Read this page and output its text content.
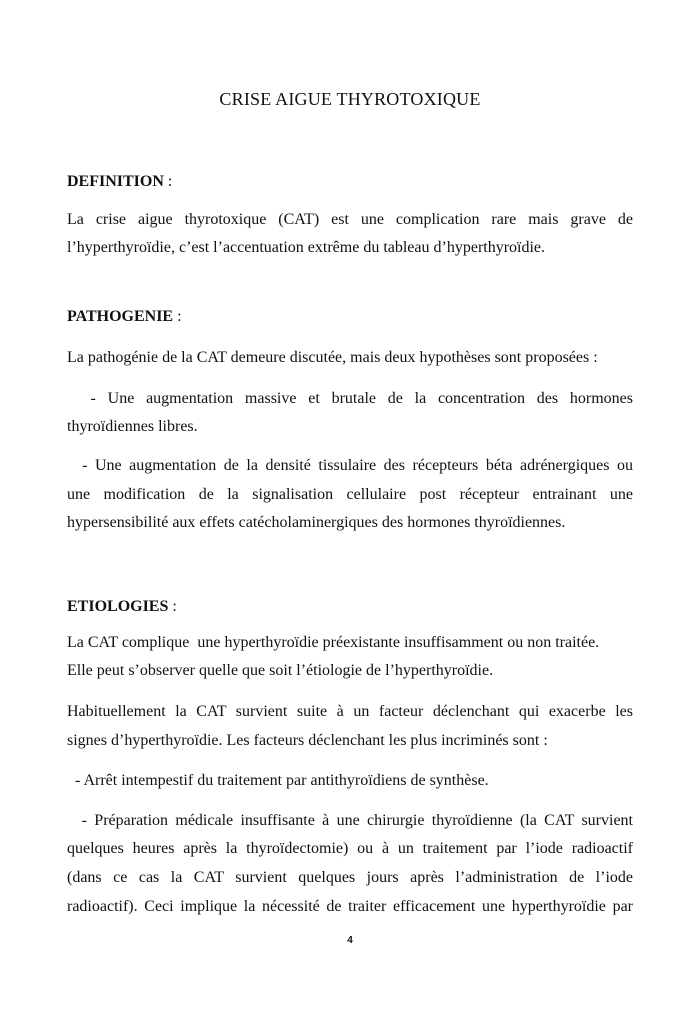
CRISE AIGUE THYROTOXIQUE
DEFINITION :
La crise aigue thyrotoxique (CAT) est une complication rare mais grave de
l’hyperthyroïdie, c’est l’accentuation extrême du tableau d’hyperthyroïdie.
PATHOGENIE :
La pathogénie de la CAT demeure discutée, mais deux hypothèses sont proposées :
- Une augmentation massive et brutale de la concentration des hormones
thyroïdiennes libres.
- Une augmentation de la densité tissulaire des récepteurs béta adrénergiques ou
une modification de la signalisation cellulaire post récepteur entrainant une
hypersensibilité aux effets catécholaminergiques des hormones thyroïdiennes.
ETIOLOGIES :
La CAT complique  une hyperthyroïdie préexistante insuffisamment ou non traitée.
Elle peut s’observer quelle que soit l’étiologie de l’hyperthyroïdie.
Habituellement la CAT survient suite à un facteur déclenchant qui exacerbe les
signes d’hyperthyroïdie. Les facteurs déclenchant les plus incriminés sont :
- Arrêt intempestif du traitement par antithyroïdiens de synthèse.
- Préparation médicale insuffisante à une chirurgie thyroïdienne (la CAT survient
quelques heures après la thyroïdectomie) ou à un traitement par l’iode radioactif
(dans ce cas la CAT survient quelques jours après l’administration de l’iode
radioactif). Ceci implique la nécessité de traiter efficacement une hyperthyroïdie par
4
